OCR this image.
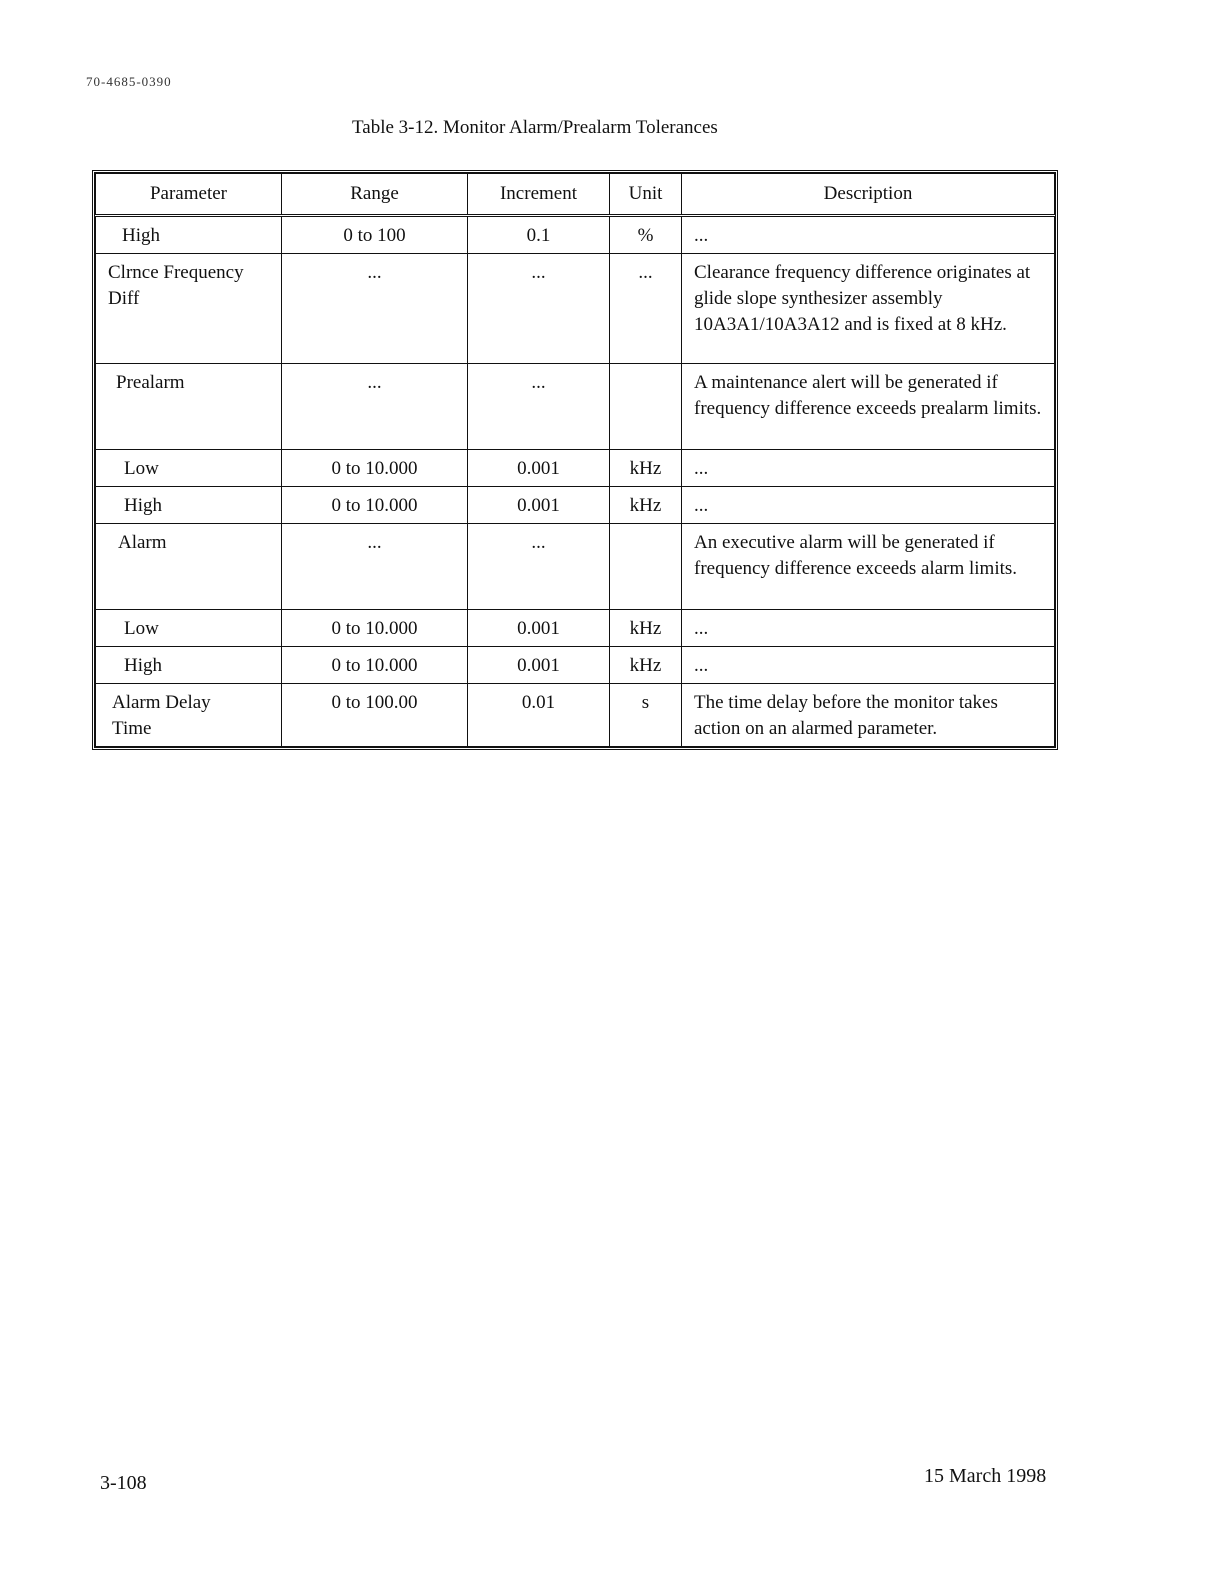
70-4685-0390
Table 3-12. Monitor Alarm/Prealarm Tolerances
Parameter	Range	Increment	Unit	Description
High	0 to 100	0.1	%	...
Clrnce Frequency Diff	...	...	...	Clearance frequency difference originates at glide slope synthesizer assembly 10A3A1/10A3A12 and is fixed at 8 kHz.
Prealarm	...	...		A maintenance alert will be generated if frequency difference exceeds prealarm limits.
Low	0 to 10.000	0.001	kHz	...
High	0 to 10.000	0.001	kHz	...
Alarm	...	...		An executive alarm will be generated if frequency difference exceeds alarm limits.
Low	0 to 10.000	0.001	kHz	...
High	0 to 10.000	0.001	kHz	...
Alarm Delay Time	0 to 100.00	0.01	s	The time delay before the monitor takes action on an alarmed parameter.
3-108	15 March 1998
